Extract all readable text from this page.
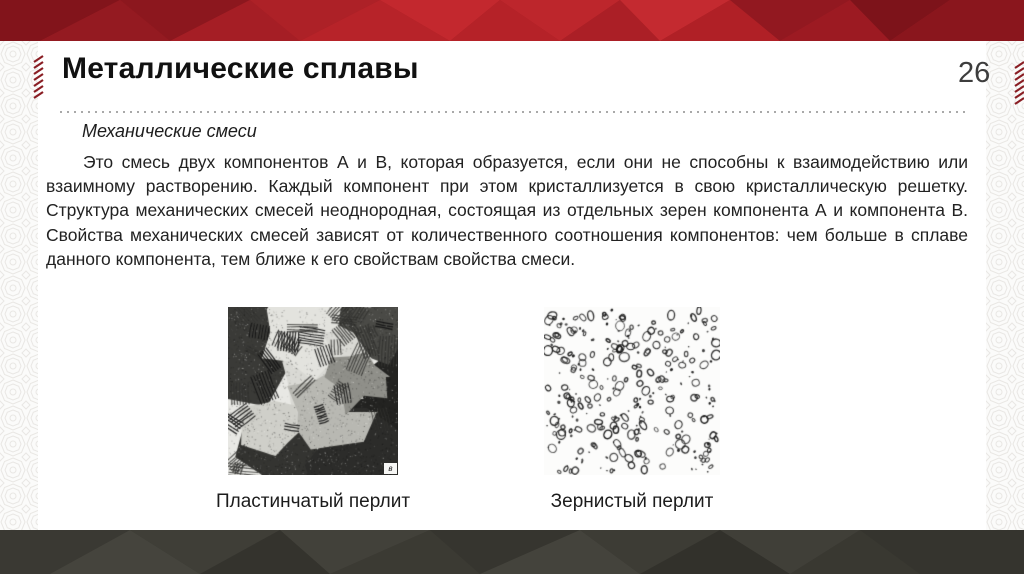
Металлические сплавы	26
Механические смеси
Это смесь двух компонентов А и В, которая образуется, если они не способны к взаимодействию или взаимному растворению. Каждый компонент при этом кристаллизуется в свою кристаллическую решетку. Структура механических смесей неоднородная, состоящая из отдельных зерен компонента А и компонента В. Свойства механических смесей зависят от количественного соотношения компонентов: чем больше в сплаве данного компонента, тем ближе к его свойствам свойства смеси.
в
Пластинчатый перлит	Зернистый перлит
